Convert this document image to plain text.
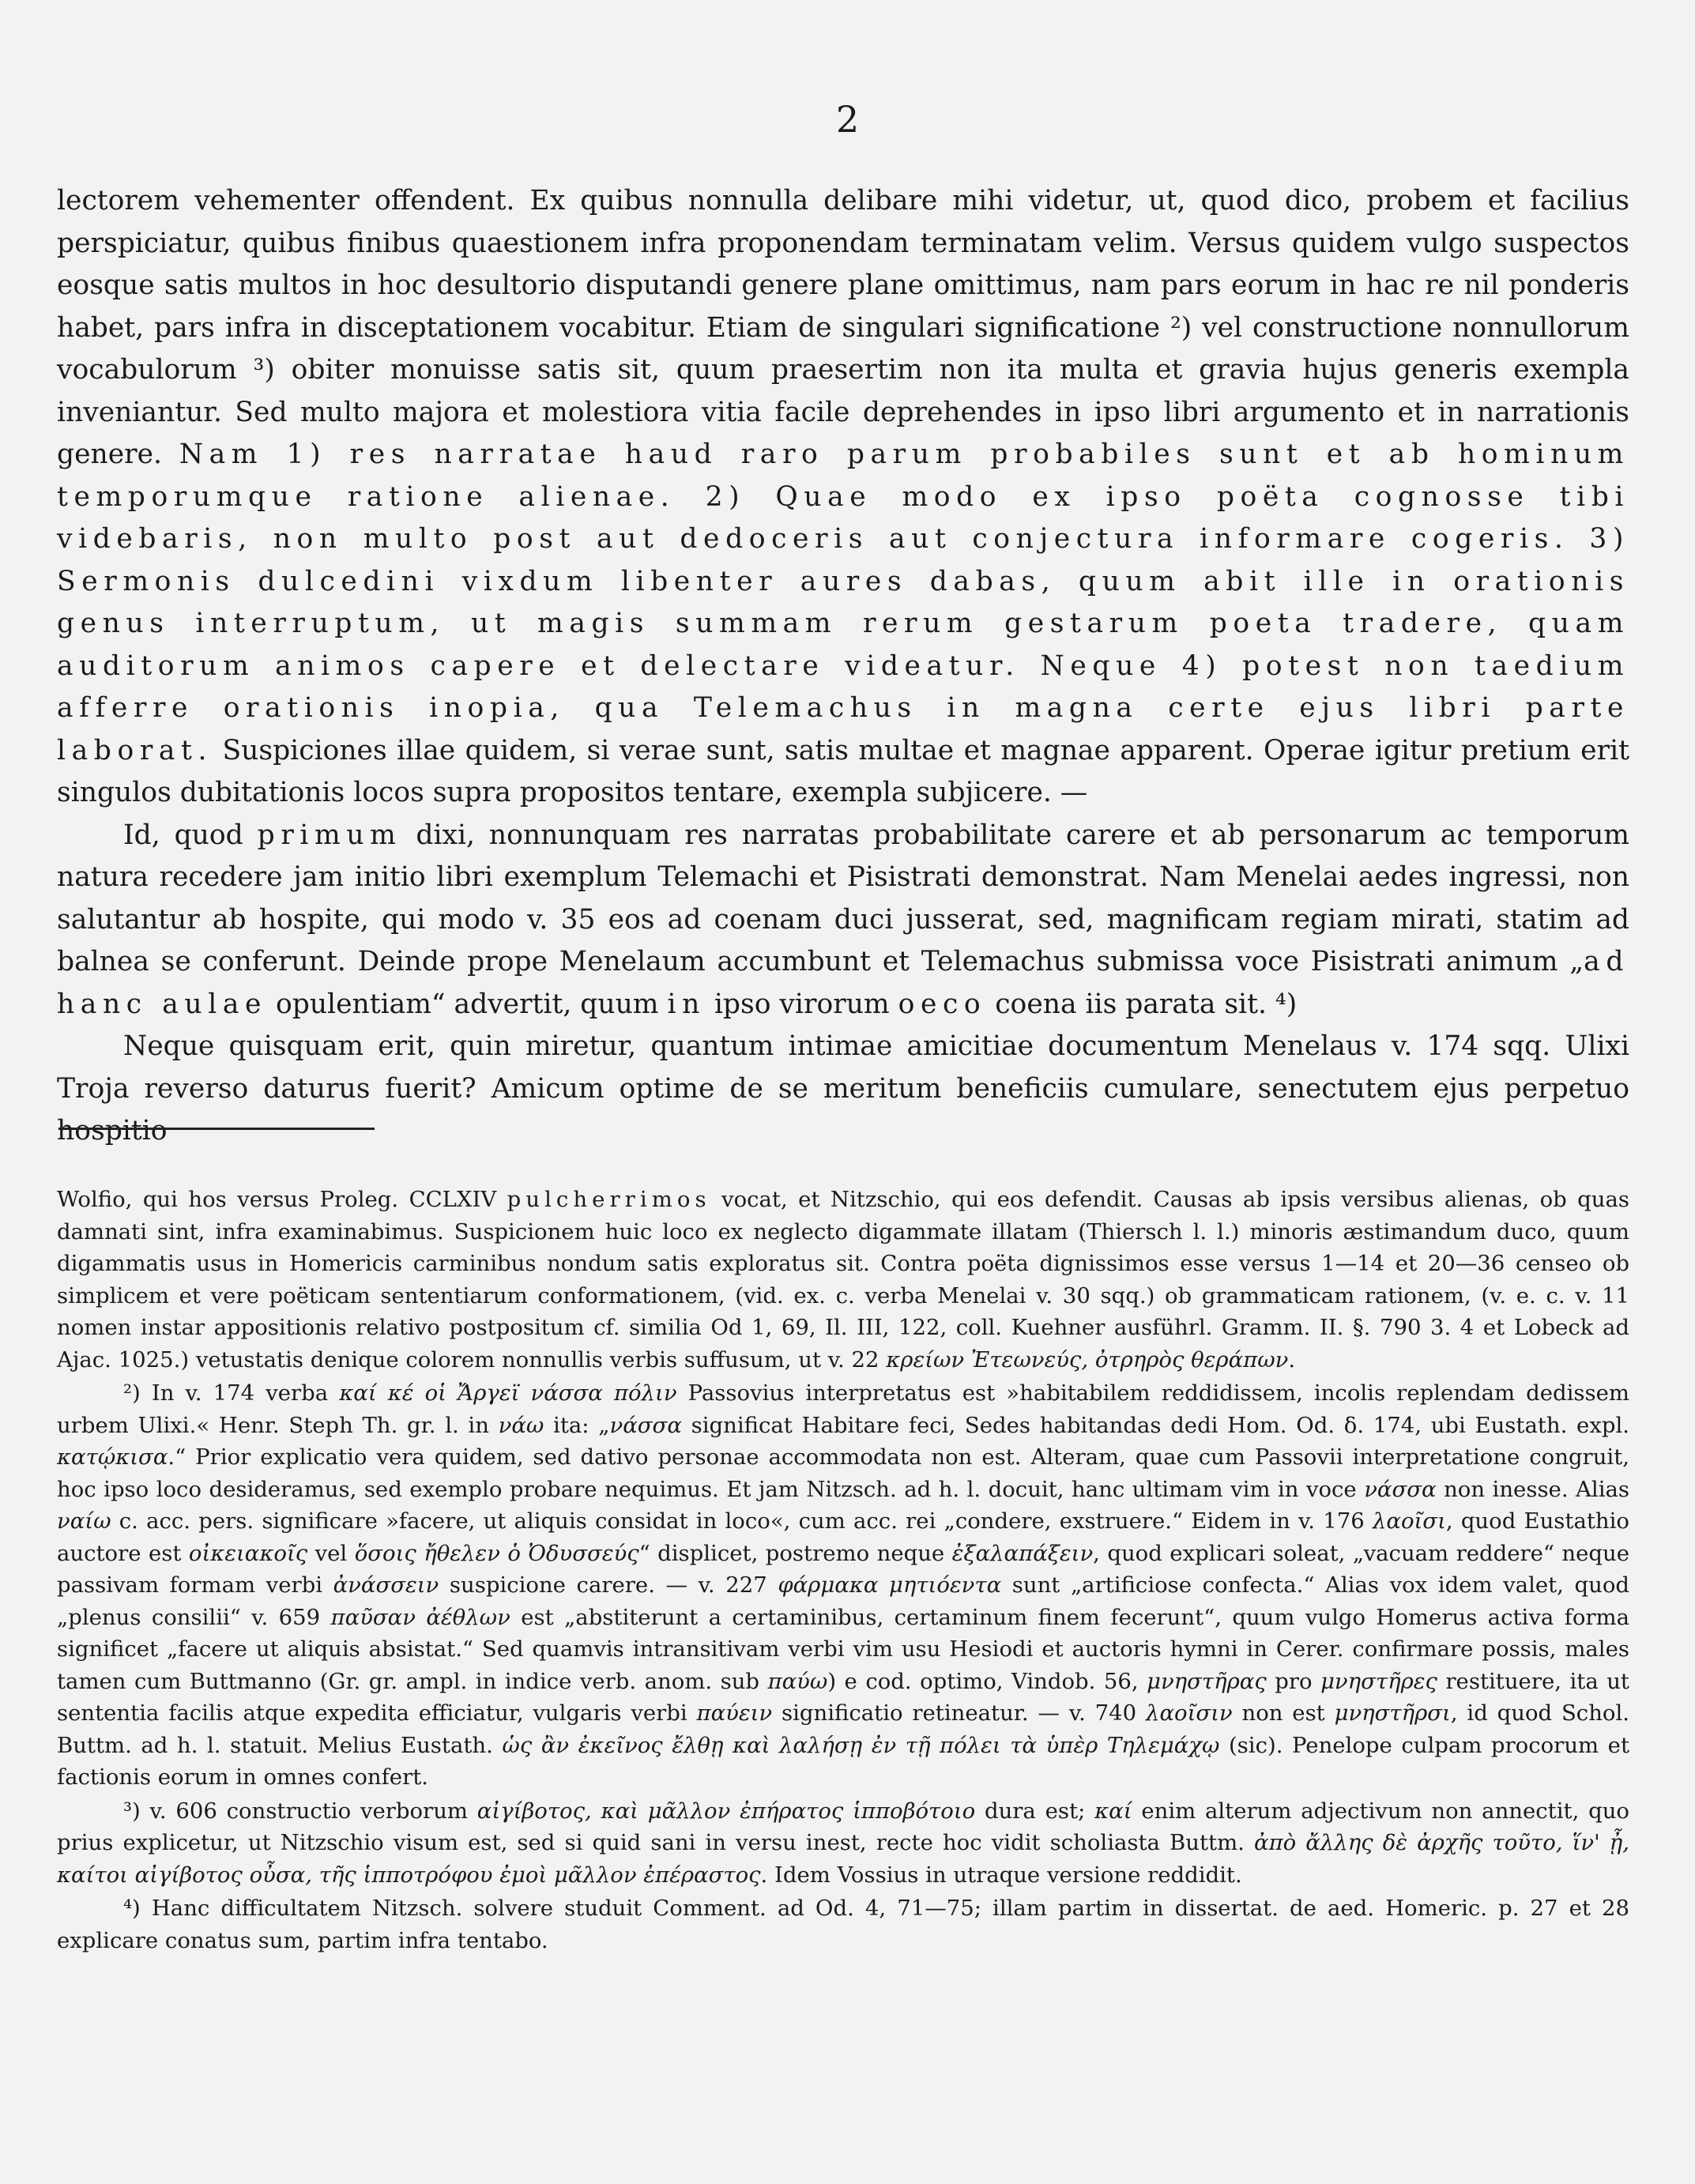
2

lectorem vehementer offendent. Ex quibus nonnulla delibare mihi videtur, ut, quod dico, probem et facilius perspiciatur, quibus finibus quaestionem infra proponendam terminatam velim. Versus quidem vulgo suspectos eosque satis multos in hoc desultorio disputandi genere plane omittimus, nam pars eorum in hac re nil ponderis habet, pars infra in disceptationem vocabitur. Etiam de singulari significatione ²) vel constructione nonnullorum vocabulorum ³) obiter monuisse satis sit, quum praesertim non ita multa et gravia hujus generis exempla inveniantur. Sed multo majora et molestiora vitia facile deprehendes in ipso libri argumento et in narrationis genere. Nam 1) res narratae haud raro parum probabiles sunt et ab hominum temporumque ratione alienae. 2) Quae modo ex ipso poëta cognosse tibi videbaris, non multo post aut dedoceris aut conjectura informare cogeris. 3) Sermonis dulcedini vixdum libenter aures dabas, quum abit ille in orationis genus interruptum, ut magis summam rerum gestarum poeta tradere, quam auditorum animos capere et delectare videatur. Neque 4) potest non taedium afferre orationis inopia, qua Telemachus in magna certe ejus libri parte laborat. Suspiciones illae quidem, si verae sunt, satis multae et magnae apparent. Operae igitur pretium erit singulos dubitationis locos supra propositos tentare, exempla subjicere. —

Id, quod primum dixi, nonnunquam res narratas probabilitate carere et ab personarum ac temporum natura recedere jam initio libri exemplum Telemachi et Pisistrati demonstrat. Nam Menelai aedes ingressi, non salutantur ab hospite, qui modo v. 35 eos ad coenam duci jusserat, sed, magnificam regiam mirati, statim ad balnea se conferunt. Deinde prope Menelaum accumbunt et Telemachus submissa voce Pisistrati animum „ad hanc aulae opulentiam“ advertit, quum in ipso virorum oeco coena iis parata sit. ⁴)

Neque quisquam erit, quin miretur, quantum intimae amicitiae documentum Menelaus v. 174 sqq. Ulixi Troja reverso daturus fuerit? Amicum optime de se meritum beneficiis cumulare, senectutem ejus perpetuo hospitio

Wolfio, qui hos versus Proleg. CCLXIV pulcherrimos vocat, et Nitzschio, qui eos defendit. Causas ab ipsis versibus alienas, ob quas damnati sint, infra examinabimus. Suspicionem huic loco ex neglecto digammate illatam (Thiersch l. l.) minoris æstimandum duco, quum digammatis usus in Homericis carminibus nondum satis exploratus sit. Contra poëta dignissimos esse versus 1—14 et 20—36 censeo ob simplicem et vere poëticam sententiarum conformationem, (vid. ex. c. verba Menelai v. 30 sqq.) ob grammaticam rationem, (v. e. c. v. 11 nomen instar appositionis relativo postpositum cf. similia Od 1, 69, Il. III, 122, coll. Kuehner ausführl. Gramm. II. §. 790 3. 4 et Lobeck ad Ajac. 1025.) vetustatis denique colorem nonnullis verbis suffusum, ut v. 22 κρείων Ἐτεωνεύς, ὀτρηρὸς θεράπων.

²) In v. 174 verba καί κέ οἱ Ἄργεϊ νάσσα πόλιν Passovius interpretatus est »habitabilem reddidissem, incolis replendam dedissem urbem Ulixi.« Henr. Steph Th. gr. l. in νάω ita: „νάσσα significat Habitare feci, Sedes habitandas dedi Hom. Od. δ. 174, ubi Eustath. expl. κατῴκισα.“ Prior explicatio vera quidem, sed dativo personae accommodata non est. Alteram, quae cum Passovii interpretatione congruit, hoc ipso loco desideramus, sed exemplo probare nequimus. Et jam Nitzsch. ad h. l. docuit, hanc ultimam vim in voce νάσσα non inesse. Alias ναίω c. acc. pers. significare »facere, ut aliquis considat in loco«, cum acc. rei „condere, exstruere.“ Eidem in v. 176 λαοῖσι, quod Eustathio auctore est οἰκειακοῖς vel ὅσοις ἤθελεν ὁ Ὀδυσσεύς“ displicet, postremo neque ἐξαλαπάξειν, quod explicari soleat, „vacuam reddere“ neque passivam formam verbi ἀνάσσειν suspicione carere. — v. 227 φάρμακα μητιόεντα sunt „artificiose confecta.“ Alias vox idem valet, quod „plenus consilii“ v. 659 παῦσαν ἀέθλων est „abstiterunt a certaminibus, certaminum finem fecerunt“, quum vulgo Homerus activa forma significet „facere ut aliquis absistat.“ Sed quamvis intransitivam verbi vim usu Hesiodi et auctoris hymni in Cerer. confirmare possis, males tamen cum Buttmanno (Gr. gr. ampl. in indice verb. anom. sub παύω) e cod. optimo, Vindob. 56, μνηστῆρας pro μνηστῆρες restituere, ita ut sententia facilis atque expedita efficiatur, vulgaris verbi παύειν significatio retineatur. — v. 740 λαοῖσιν non est μνηστῆρσι, id quod Schol. Buttm. ad h. l. statuit. Melius Eustath. ὡς ἂν ἐκεῖνος ἔλθῃ καὶ λαλήσῃ ἐν τῇ πόλει τὰ ὑπὲρ Τηλεμάχῳ (sic). Penelope culpam procorum et factionis eorum in omnes confert.

³) v. 606 constructio verborum αἰγίβοτος, καὶ μᾶλλον ἐπήρατος ἱπποβότοιο dura est; καί enim alterum adjectivum non annectit, quo prius explicetur, ut Nitzschio visum est, sed si quid sani in versu inest, recte hoc vidit scholiasta Buttm. ἀπὸ ἄλλης δὲ ἀρχῆς τοῦτο, ἵν' ᾖ, καίτοι αἰγίβοτος οὖσα, τῆς ἱπποτρόφου ἐμοὶ μᾶλλον ἐπέραστος. Idem Vossius in utraque versione reddidit.

⁴) Hanc difficultatem Nitzsch. solvere studuit Comment. ad Od. 4, 71—75; illam partim in dissertat. de aed. Homeric. p. 27 et 28 explicare conatus sum, partim infra tentabo.
